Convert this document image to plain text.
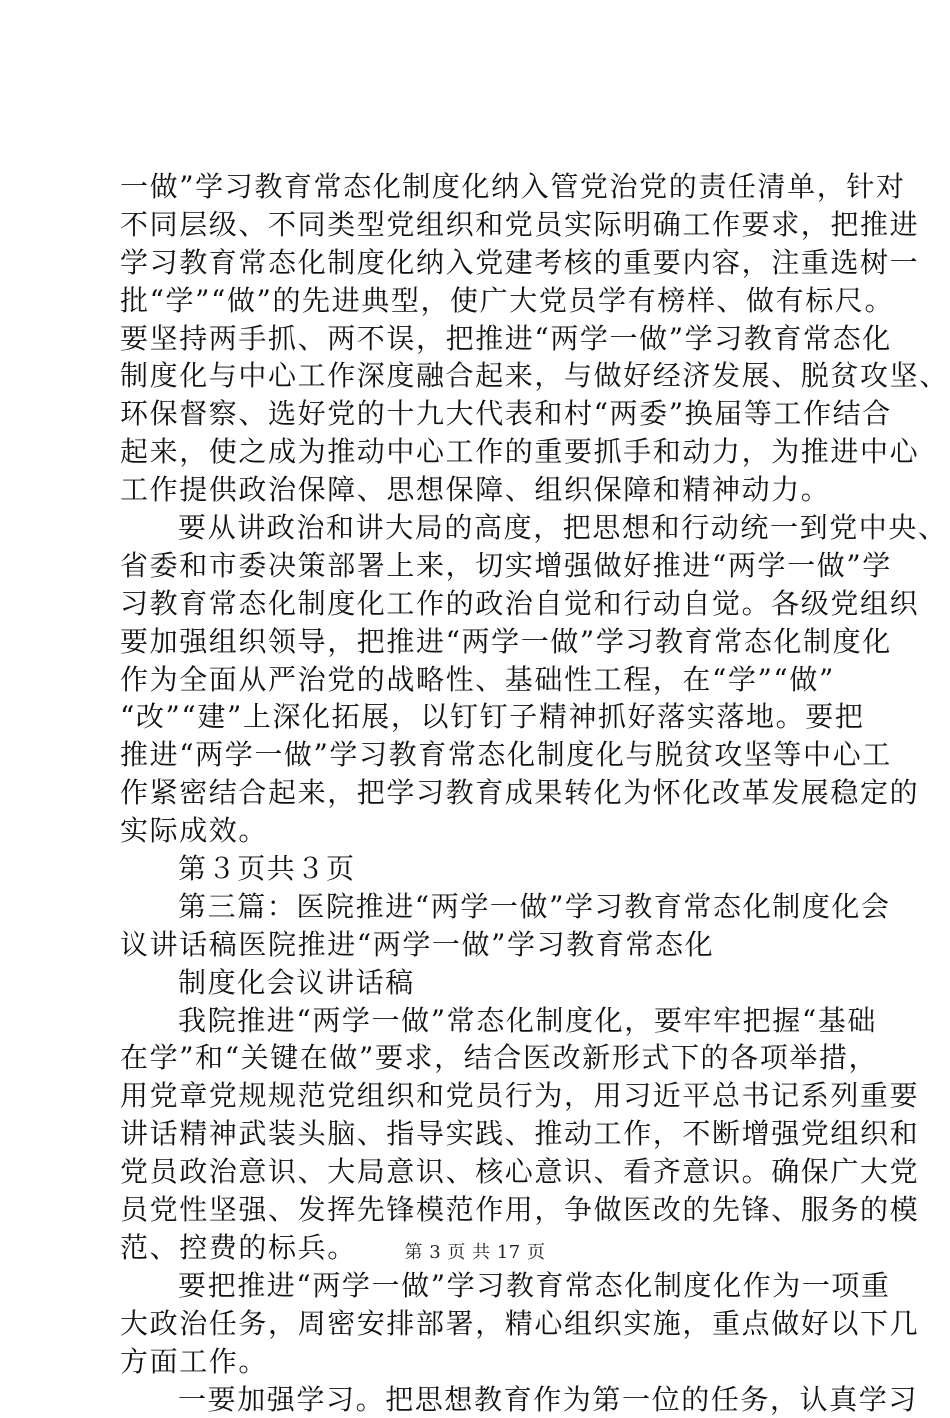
一做”学习教育常态化制度化纳入管党治党的责任清单，针对
不同层级、不同类型党组织和党员实际明确工作要求，把推进
学习教育常态化制度化纳入党建考核的重要内容，注重选树一
批“学”“做”的先进典型，使广大党员学有榜样、做有标尺。
要坚持两手抓、两不误，把推进“两学一做”学习教育常态化
制度化与中心工作深度融合起来，与做好经济发展、脱贫攻坚、
环保督察、选好党的十九大代表和村“两委”换届等工作结合
起来，使之成为推动中心工作的重要抓手和动力，为推进中心
工作提供政治保障、思想保障、组织保障和精神动力。
要从讲政治和讲大局的高度，把思想和行动统一到党中央、
省委和市委决策部署上来，切实增强做好推进“两学一做”学
习教育常态化制度化工作的政治自觉和行动自觉。各级党组织
要加强组织领导，把推进“两学一做”学习教育常态化制度化
作为全面从严治党的战略性、基础性工程，在“学”“做”
“改”“建”上深化拓展，以钉钉子精神抓好落实落地。要把
推进“两学一做”学习教育常态化制度化与脱贫攻坚等中心工
作紧密结合起来，把学习教育成果转化为怀化改革发展稳定的
实际成效。
第３页共３页
第三篇：医院推进“两学一做”学习教育常态化制度化会
议讲话稿医院推进“两学一做”学习教育常态化
制度化会议讲话稿
我院推进“两学一做”常态化制度化，要牢牢把握“基础
在学”和“关键在做”要求，结合医改新形式下的各项举措，
用党章党规规范党组织和党员行为，用习近平总书记系列重要
讲话精神武装头脑、指导实践、推动工作，不断增强党组织和
党员政治意识、大局意识、核心意识、看齐意识。确保广大党
员党性坚强、发挥先锋模范作用，争做医改的先锋、服务的模
范、控费的标兵。
要把推进“两学一做”学习教育常态化制度化作为一项重
大政治任务，周密安排部署，精心组织实施，重点做好以下几
方面工作。
一要加强学习。把思想教育作为第一位的任务，认真学习
第 3 页 共 17 页
